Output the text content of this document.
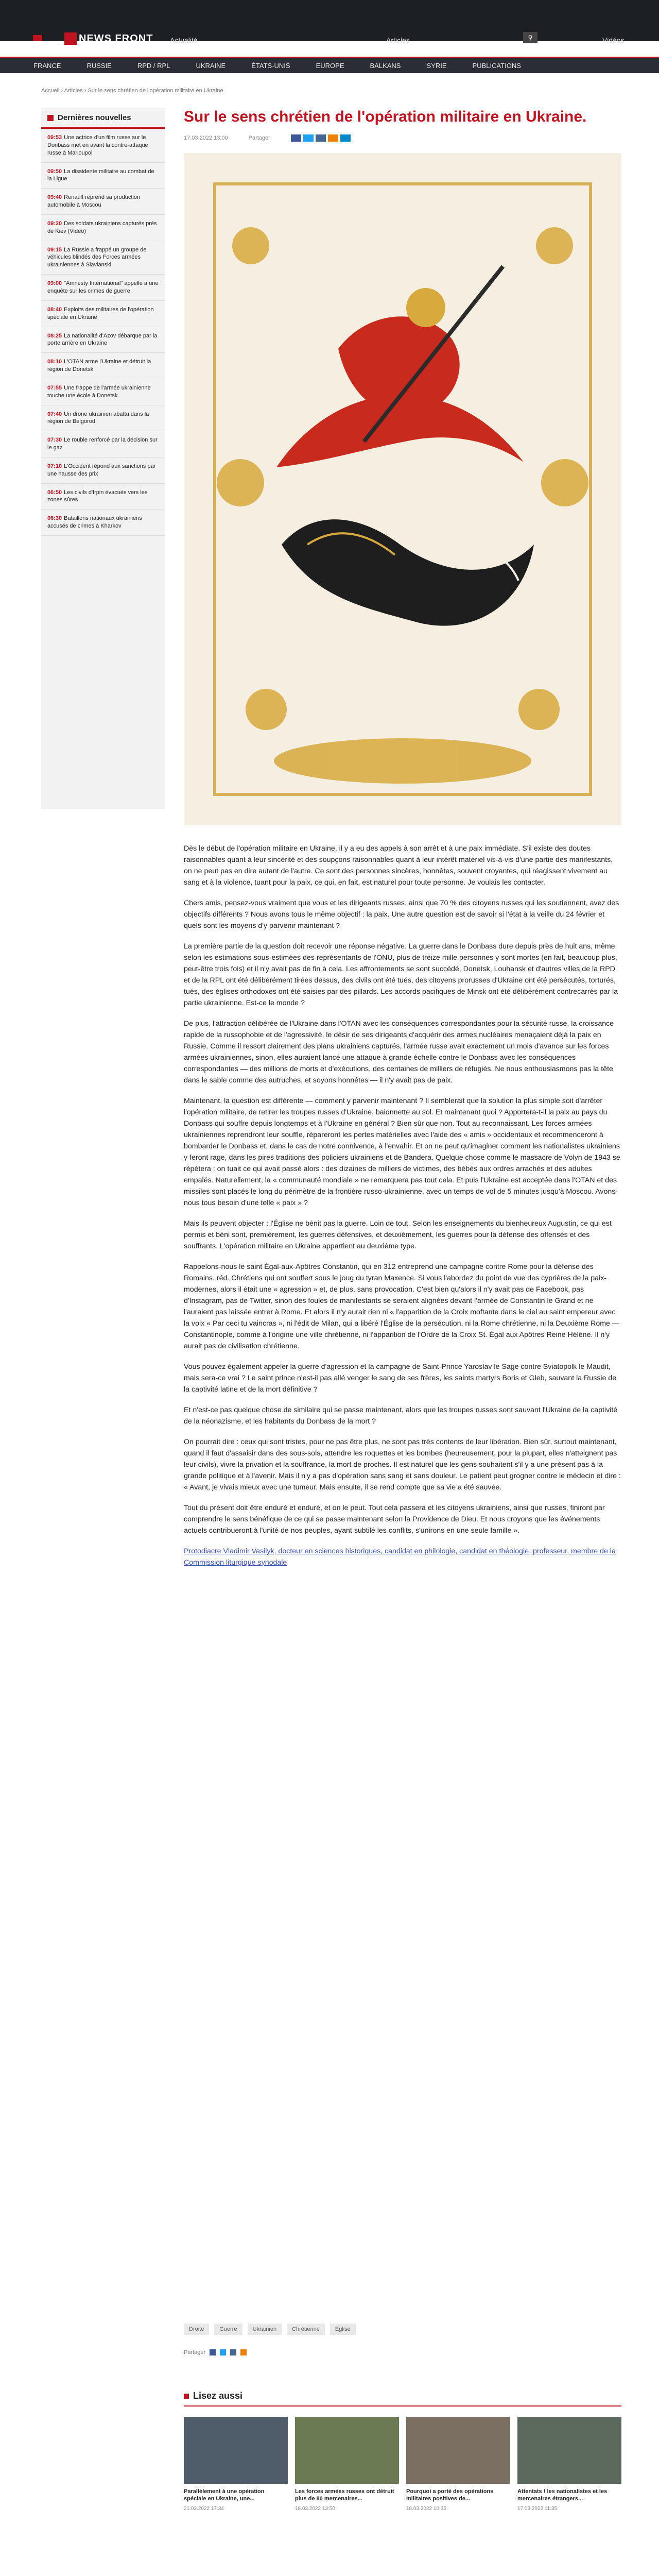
NEWS FRONT Actualité	Articles	⚲	Vidéos
FRANCE	RUSSIE	RPD / RPL	UKRAINE	ÉTATS-UNIS	EUROPE	BALKANS	SYRIE	PUBLICATIONS
Accueil › Articles › Sur le sens chrétien de l'opération militaire en Ukraine
Dernières nouvelles
09:53 Une actrice d'un film russe sur le Donbass met en avant la contre-attaque russe à Marioupol
09:50 La dissidente militaire au combat de la Ligue
09:40 Renault reprend sa production automobile à Moscou
09:20 Des soldats ukrainiens capturés près de Kiev (Vidéo)
09:15 La Russie a frappé un groupe de véhicules blindés des Forces armées ukrainiennes à Slavianski
09:00 "Amnesty International" appelle à une enquête sur les crimes de guerre
08:40 Exploits des militaires de l'opération spéciale en Ukraine
08:25 La nationalité d'Azov débarque par la porte arrière en Ukraine
08:10 L'OTAN arme l'Ukraine et détruit la région de Donetsk
07:55 Une frappe de l'armée ukrainienne touche une école à Donetsk
07:40 Un drone ukrainien abattu dans la région de Belgorod
07:30 Le rouble renforcé par la décision sur le gaz
07:10 L'Occident répond aux sanctions par une hausse des prix
06:50 Les civils d'Irpin évacués vers les zones sûres
06:30 Bataillons nationaux ukrainiens accusés de crimes à Kharkov
Sur le sens chrétien de l'opération militaire en Ukraine.
17.03.2022 13:00	Partager

Dès le début de l'opération militaire en Ukraine, il y a eu des appels à son arrêt et à une paix immédiate. S'il existe des doutes raisonnables quant à leur sincérité et des soupçons raisonnables quant à leur intérêt matériel vis-à-vis d'une partie des manifestants, on ne peut pas en dire autant de l'autre. Ce sont des personnes sincères, honnêtes, souvent croyantes, qui réagissent vivement au sang et à la violence, tuant pour la paix, ce qui, en fait, est naturel pour toute personne. Je voulais les contacter.

Chers amis, pensez-vous vraiment que vous et les dirigeants russes, ainsi que 70 % des citoyens russes qui les soutiennent, avez des objectifs différents ? Nous avons tous le même objectif : la paix. Une autre question est de savoir si l'état à la veille du 24 février et quels sont les moyens d'y parvenir maintenant ?

La première partie de la question doit recevoir une réponse négative. La guerre dans le Donbass dure depuis près de huit ans, même selon les estimations sous-estimées des représentants de l'ONU, plus de treize mille personnes y sont mortes (en fait, beaucoup plus, peut-être trois fois) et il n'y avait pas de fin à cela. Les affrontements se sont succédé, Donetsk, Louhansk et d'autres villes de la RPD et de la RPL ont été délibérément tirées dessus, des civils ont été tués, des citoyens prorusses d'Ukraine ont été persécutés, torturés, tués, des églises orthodoxes ont été saisies par des pillards. Les accords pacifiques de Minsk ont été délibérément contrecarrés par la partie ukrainienne. Est-ce le monde ?

De plus, l'attraction délibérée de l'Ukraine dans l'OTAN avec les conséquences correspondantes pour la sécurité russe, la croissance rapide de la russophobie et de l'agressivité, le désir de ses dirigeants d'acquérir des armes nucléaires menaçaient déjà la paix en Russie. Comme il ressort clairement des plans ukrainiens capturés, l'armée russe avait exactement un mois d'avance sur les forces armées ukrainiennes, sinon, elles auraient lancé une attaque à grande échelle contre le Donbass avec les conséquences correspondantes — des millions de morts et d'exécutions, des centaines de milliers de réfugiés. Ne nous enthousiasmons pas la tête dans le sable comme des autruches, et soyons honnêtes — il n'y avait pas de paix.

Maintenant, la question est différente — comment y parvenir maintenant ? Il semblerait que la solution la plus simple soit d'arrêter l'opération militaire, de retirer les troupes russes d'Ukraine, baionnette au sol. Et maintenant quoi ? Apportera-t-il la paix au pays du Donbass qui souffre depuis longtemps et à l'Ukraine en général ? Bien sûr que non. Tout au reconnaissant. Les forces armées ukrainiennes reprendront leur souffle, répareront les pertes matérielles avec l'aide des « amis » occidentaux et recommenceront à bombarder le Donbass et, dans le cas de notre connivence, à l'envahir. Et on ne peut qu'imaginer comment les nationalistes ukrainiens y feront rage, dans les pires traditions des policiers ukrainiens et de Bandera. Quelque chose comme le massacre de Volyn de 1943 se répétera : on tuait ce qui avait passé alors : des dizaines de milliers de victimes, des bébés aux ordres arrachés et des adultes empalés. Naturellement, la « communauté mondiale » ne remarquera pas tout cela. Et puis l'Ukraine est acceptée dans l'OTAN et des missiles sont placés le long du périmètre de la frontière russo-ukrainienne, avec un temps de vol de 5 minutes jusqu'à Moscou. Avons-nous tous besoin d'une telle « paix » ?

Mais ils peuvent objecter : l'Église ne bénit pas la guerre. Loin de tout. Selon les enseignements du bienheureux Augustin, ce qui est permis et béni sont, premièrement, les guerres défensives, et deuxièmement, les guerres pour la défense des offensés et des souffrants. L'opération militaire en Ukraine appartient au deuxième type.

Rappelons-nous le saint Égal-aux-Apôtres Constantin, qui en 312 entreprend une campagne contre Rome pour la défense des Romains, réd. Chrétiens qui ont souffert sous le joug du tyran Maxence. Si vous l'abordez du point de vue des cyprières de la paix- modernes, alors il était une « agression » et, de plus, sans provocation. C'est bien qu'alors il n'y avait pas de Facebook, pas d'Instagram, pas de Twitter, sinon des foules de manifestants se seraient alignées devant l'armée de Constantin le Grand et ne l'auraient pas laissée entrer à Rome. Et alors il n'y aurait rien ni « l'apparition de la Croix moftante dans le ciel au saint empereur avec la voix « Par ceci tu vaincras », ni l'édit de Milan, qui a libéré l'Église de la persécution, ni la Rome chrétienne, ni la Deuxième Rome — Constantinople, comme à l'origine une ville chrétienne, ni l'apparition de l'Ordre de la Croix St. Égal aux Apôtres Reine Hélène. Il n'y aurait pas de civilisation chrétienne.

Vous pouvez également appeler la guerre d'agression et la campagne de Saint-Prince Yaroslav le Sage contre Sviatopolk le Maudit, mais sera-ce vrai ? Le saint prince n'est-il pas allé venger le sang de ses frères, les saints martyrs Boris et Gleb, sauvant la Russie de la captivité latine et de la mort définitive ?

Et n'est-ce pas quelque chose de similaire qui se passe maintenant, alors que les troupes russes sont sauvant l'Ukraine de la captivité de la néonazisme, et les habitants du Donbass de la mort ?

On pourrait dire : ceux qui sont tristes, pour ne pas être plus, ne sont pas très contents de leur libération. Bien sûr, surtout maintenant, quand il faut d'assaisir dans des sous-sols, attendre les roquettes et les bombes (heureusement, pour la plupart, elles n'atteignent pas leur civils), vivre la privation et la souffrance, la mort de proches. Il est naturel que les gens souhaitent s'il y a une présent pas à la grande politique et à l'avenir. Mais il n'y a pas d'opération sans sang et sans douleur. Le patient peut grogner contre le médecin et dire : « Avant, je vivais mieux avec une tumeur. Mais ensuite, il se rend compte que sa vie a été sauvée.

Tout du présent doit être enduré et enduré, et on le peut. Tout cela passera et les citoyens ukrainiens, ainsi que russes, finiront par comprendre le sens bénéfique de ce qui se passe maintenant selon la Providence de Dieu. Et nous croyons que les événements actuels contribueront à l'unité de nos peuples, ayant subtilé les conflits, s'unirons en une seule famille ».

Protodiacre Vladimir Vasilyk, docteur en sciences historiques, candidat en philologie, candidat en théologie, professeur, membre de la Commission liturgique synodale

Droite	Guerre	Ukrainien	Chrétienne	Eglise
Partager
Lisez aussi
Parallèlement à une opération spéciale en Ukraine, une...
21.03.2022 17:34
Les forces armées russes ont détruit plus de 80 mercenaires...
18.03.2022 13:50
Pourquoi a porté des opérations militaires positives de...
18.03.2022 10:35
Attentats ! les nationalistes et les mercenaires étrangers...
17.03.2022 11:35
